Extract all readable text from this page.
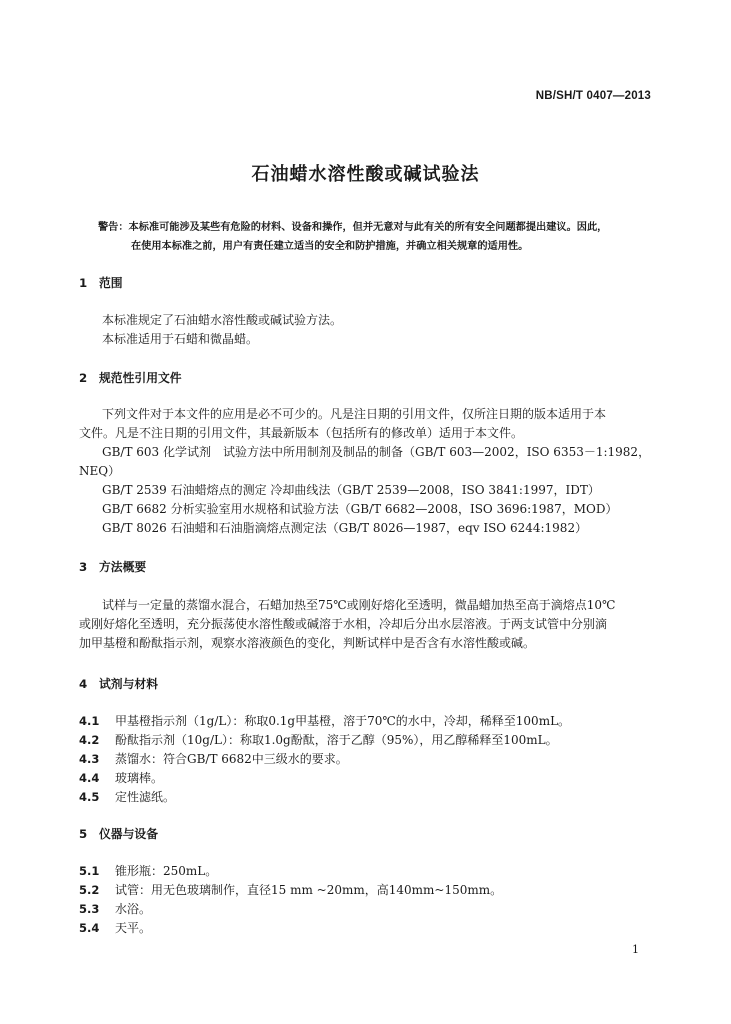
NB/SH/T 0407—2013
石油蜡水溶性酸或碱试验法
警告：本标准可能涉及某些有危险的材料、设备和操作，但并无意对与此有关的所有安全问题都提出建议。因此，
在使用本标准之前，用户有责任建立适当的安全和防护措施，并确立相关规章的适用性。
1　范围
本标准规定了石油蜡水溶性酸或碱试验方法。
本标准适用于石蜡和微晶蜡。
2　规范性引用文件
下列文件对于本文件的应用是必不可少的。凡是注日期的引用文件，仅所注日期的版本适用于本
文件。凡是不注日期的引用文件，其最新版本（包括所有的修改单）适用于本文件。
GB/T 603 化学试剂　试验方法中所用制剂及制品的制备（GB/T 603—2002，ISO 6353－1:1982，
NEQ）
GB/T 2539 石油蜡熔点的测定 冷却曲线法（GB/T 2539—2008，ISO 3841:1997，IDT）
GB/T 6682 分析实验室用水规格和试验方法（GB/T 6682—2008，ISO 3696:1987，MOD）
GB/T 8026 石油蜡和石油脂滴熔点测定法（GB/T 8026—1987，eqv ISO 6244:1982）
3　方法概要
试样与一定量的蒸馏水混合，石蜡加热至75℃或刚好熔化至透明，微晶蜡加热至高于滴熔点10℃
或刚好熔化至透明，充分振荡使水溶性酸或碱溶于水相，冷却后分出水层溶液。于两支试管中分别滴
加甲基橙和酚酞指示剂，观察水溶液颜色的变化，判断试样中是否含有水溶性酸或碱。
4　试剂与材料
4.1 甲基橙指示剂（1g/L）：称取0.1g甲基橙，溶于70℃的水中，冷却，稀释至100mL。
4.2 酚酞指示剂（10g/L）：称取1.0g酚酞，溶于乙醇（95%），用乙醇稀释至100mL。
4.3 蒸馏水：符合GB/T 6682中三级水的要求。
4.4 玻璃棒。
4.5 定性滤纸。
5　仪器与设备
5.1 锥形瓶：250mL。
5.2 试管：用无色玻璃制作，直径15 mm ~20mm，高140mm~150mm。
5.3 水浴。
5.4 天平。
1
